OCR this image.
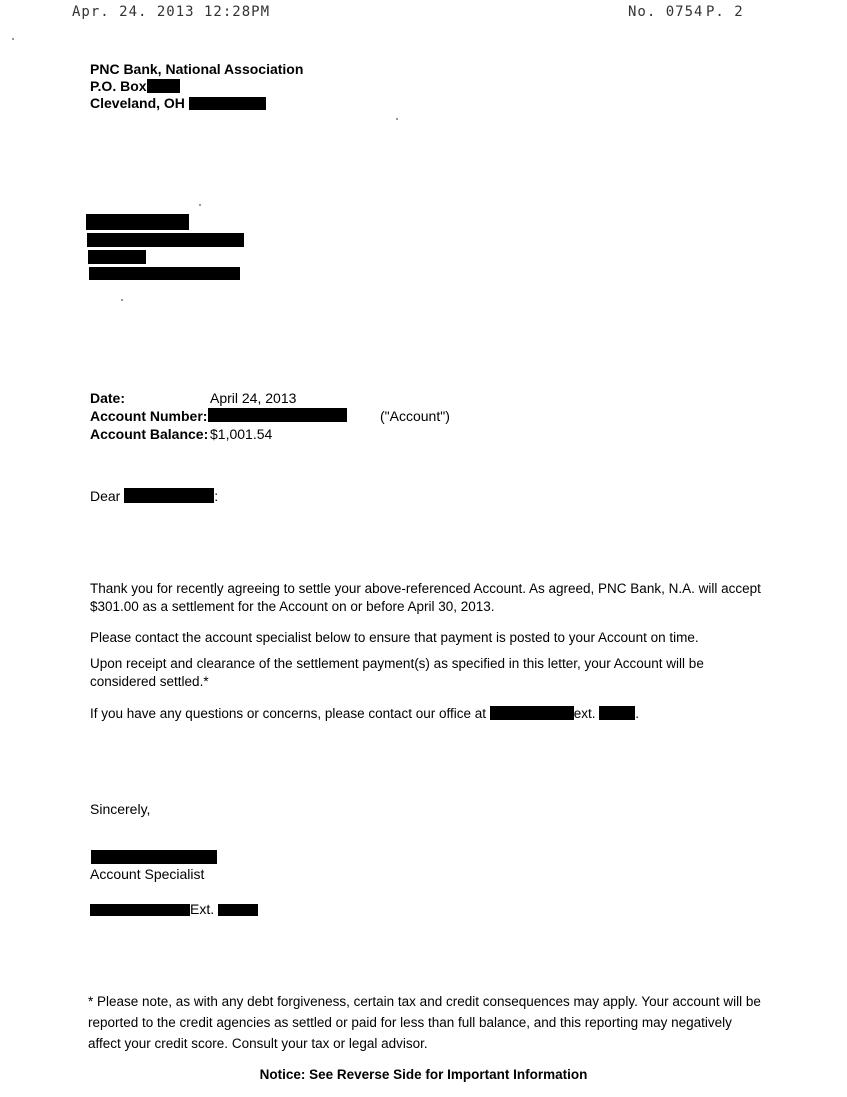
Apr. 24. 2013 12:28PM	No. 0754 P. 2
PNC Bank, National Association
P.O. Box
Cleveland, OH
Date:	April 24, 2013
Account Number:	("Account")
Account Balance: $1,001.54
Dear	:
Thank you for recently agreeing to settle your above-referenced Account. As agreed, PNC Bank, N.A. will accept $301.00 as a settlement for the Account on or before April 30, 2013.
Please contact the account specialist below to ensure that payment is posted to your Account on time.
Upon receipt and clearance of the settlement payment(s) as specified in this letter, your Account will be considered settled.*
If you have any questions or concerns, please contact our office at	ext.	.
Sincerely,
Account Specialist
Ext.
* Please note, as with any debt forgiveness, certain tax and credit consequences may apply. Your account will be reported to the credit agencies as settled or paid for less than full balance, and this reporting may negatively affect your credit score. Consult your tax or legal advisor.
Notice: See Reverse Side for Important Information
